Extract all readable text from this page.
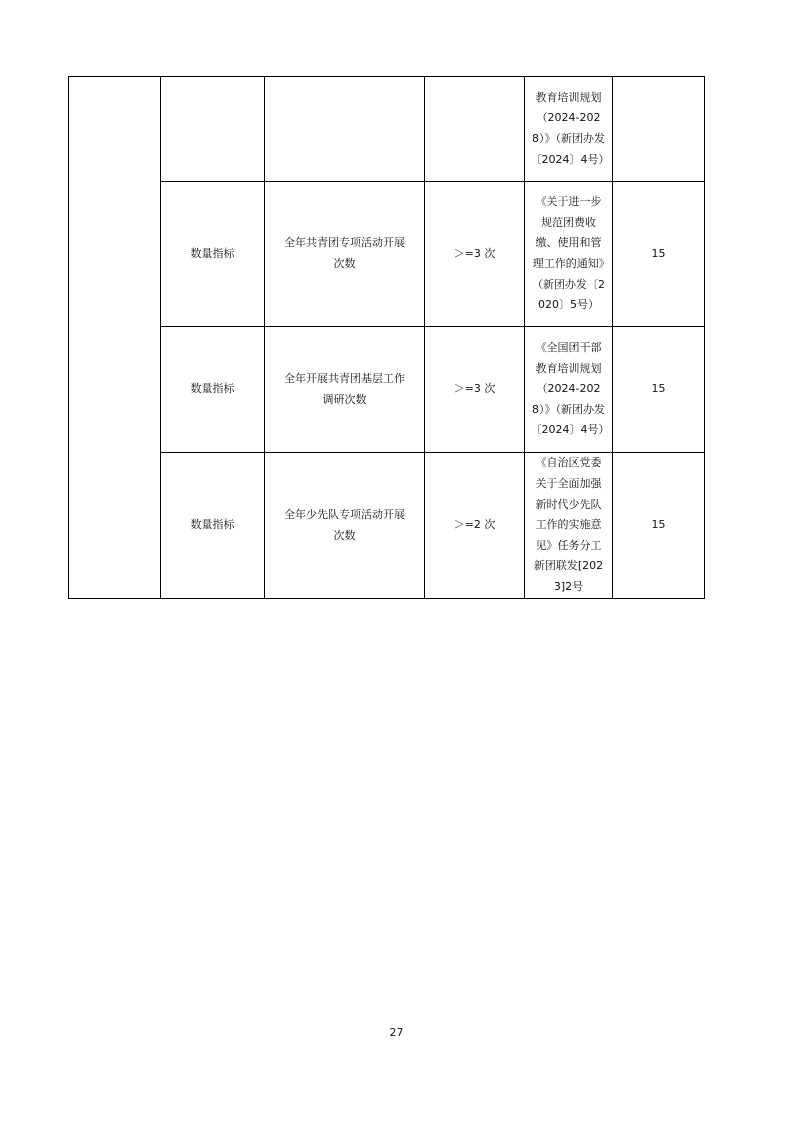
				教育培训规划（2024-2028）》（新团办发〔2024〕4号）	

	数量指标	全年共青团专项活动开展次数	＞=3 次	《关于进一步规范团费收缴、使用和管理工作的通知》（新团办发〔2020〕5号）	15
	数量指标	全年开展共青团基层工作调研次数	＞=3 次	《全国团干部教育培训规划（2024-2028）》（新团办发〔2024〕4号）	15
	数量指标	全年少先队专项活动开展次数	＞=2 次	《自治区党委关于全面加强新时代少先队工作的实施意见》任务分工新团联发[2023]2号	15
27
